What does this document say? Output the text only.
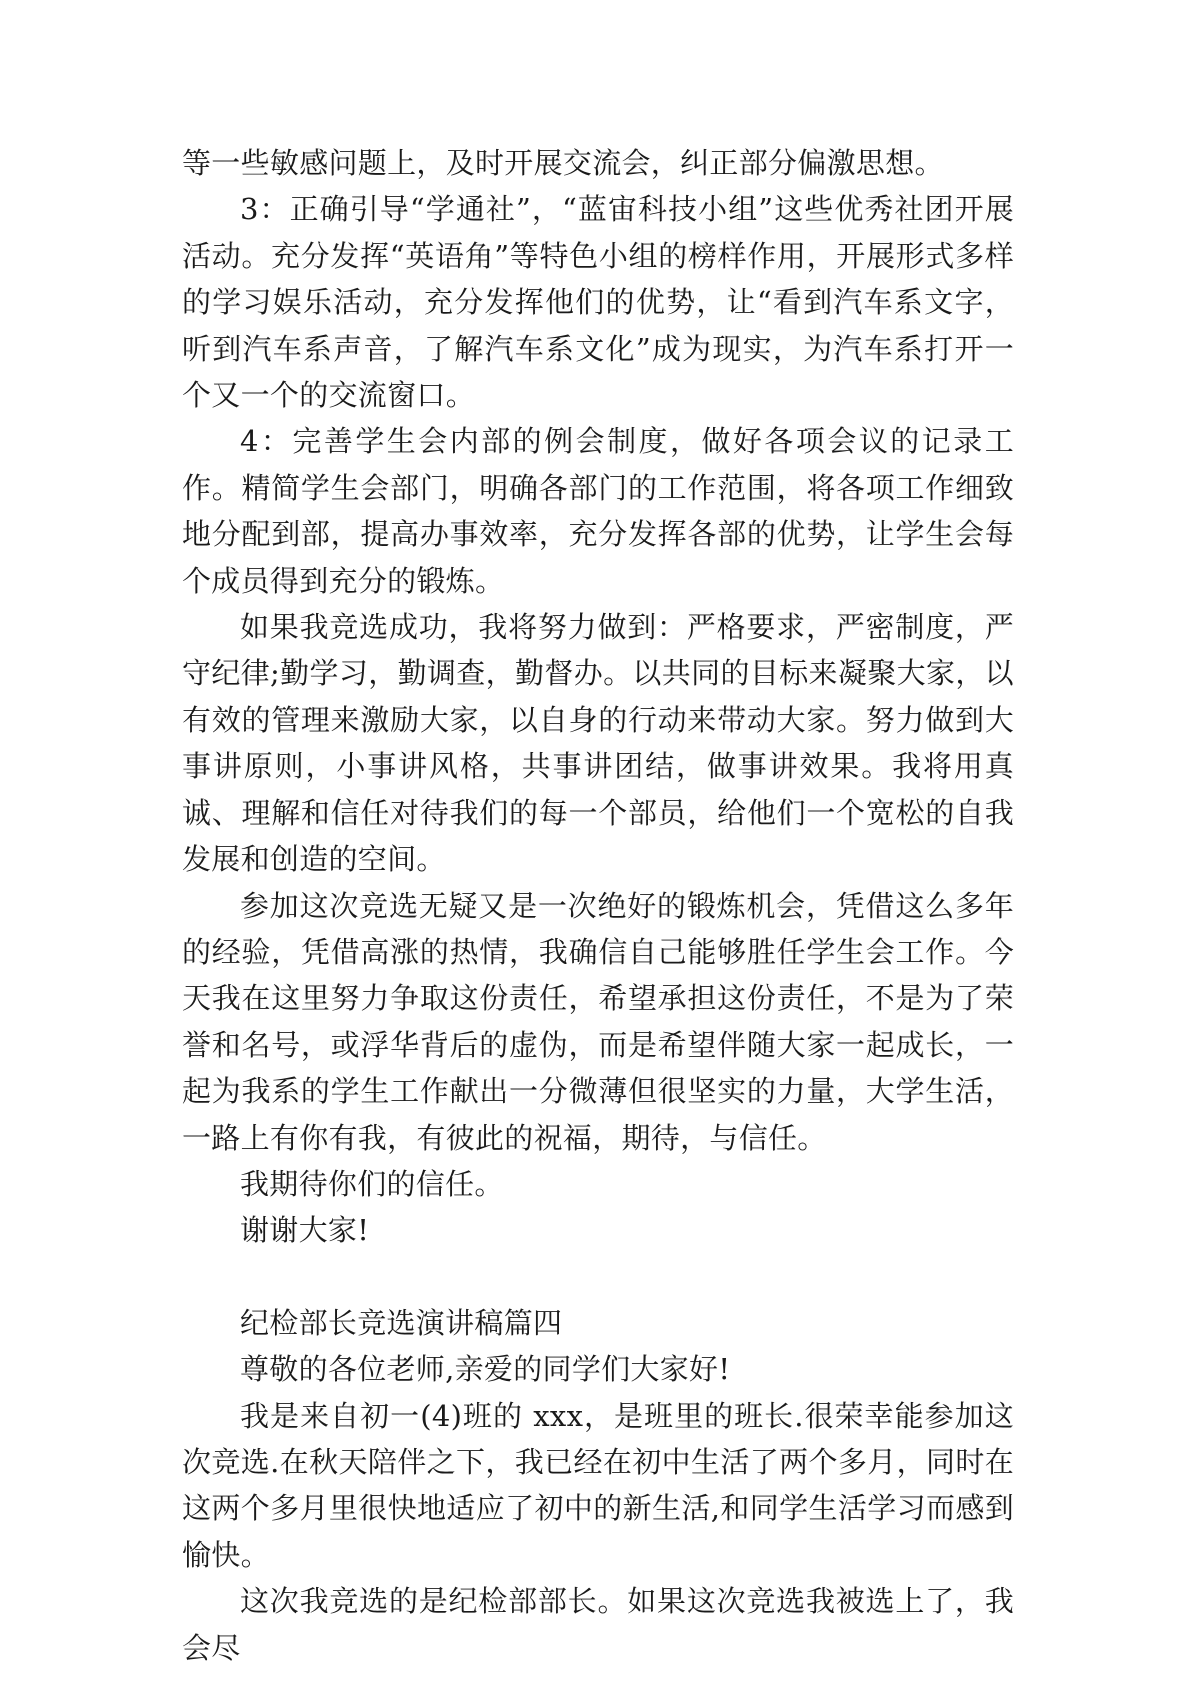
等一些敏感问题上，及时开展交流会，纠正部分偏激思想。

3：正确引导“学通社”，“蓝宙科技小组”这些优秀社团开展活动。充分发挥“英语角”等特色小组的榜样作用，开展形式多样的学习娱乐活动，充分发挥他们的优势，让“看到汽车系文字，听到汽车系声音，了解汽车系文化”成为现实，为汽车系打开一个又一个的交流窗口。

4：完善学生会内部的例会制度，做好各项会议的记录工作。精简学生会部门，明确各部门的工作范围，将各项工作细致地分配到部，提高办事效率，充分发挥各部的优势，让学生会每个成员得到充分的锻炼。

如果我竞选成功，我将努力做到：严格要求，严密制度，严守纪律;勤学习，勤调查，勤督办。以共同的目标来凝聚大家，以有效的管理来激励大家，以自身的行动来带动大家。努力做到大事讲原则，小事讲风格，共事讲团结，做事讲效果。我将用真诚、理解和信任对待我们的每一个部员，给他们一个宽松的自我发展和创造的空间。

参加这次竞选无疑又是一次绝好的锻炼机会，凭借这么多年的经验，凭借高涨的热情，我确信自己能够胜任学生会工作。今天我在这里努力争取这份责任，希望承担这份责任，不是为了荣誉和名号，或浮华背后的虚伪，而是希望伴随大家一起成长，一起为我系的学生工作献出一分微薄但很坚实的力量，大学生活，一路上有你有我，有彼此的祝福，期待，与信任。

我期待你们的信任。

谢谢大家!

纪检部长竞选演讲稿篇四

尊敬的各位老师,亲爱的同学们大家好!

我是来自初一(4)班的 xxx，是班里的班长.很荣幸能参加这次竞选.在秋天陪伴之下，我已经在初中生活了两个多月，同时在这两个多月里很快地适应了初中的新生活,和同学生活学习而感到愉快。

这次我竞选的是纪检部部长。如果这次竞选我被选上了，我会尽
